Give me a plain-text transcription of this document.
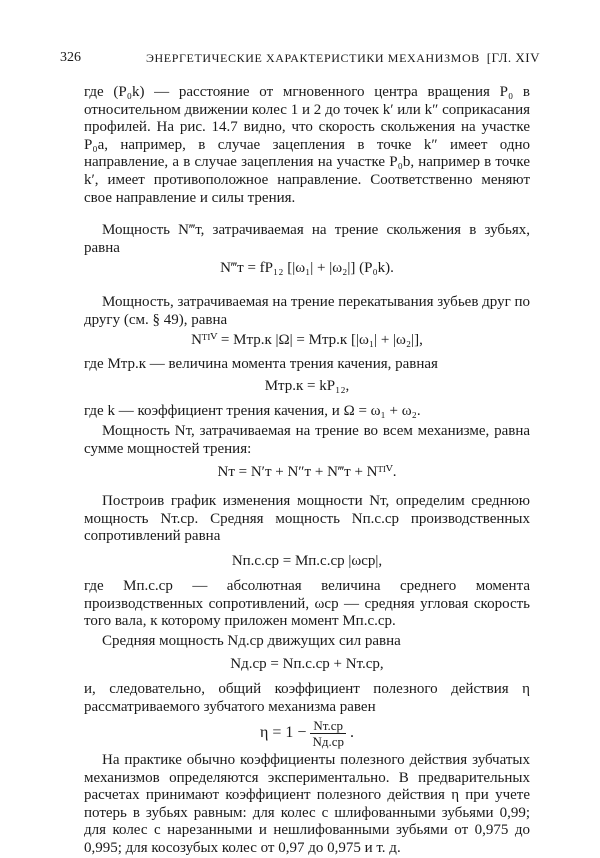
326	ЭНЕРГЕТИЧЕСКИЕ ХАРАКТЕРИСТИКИ МЕХАНИЗМОВ [ГЛ. XIV

где (P₀k) — расстояние от мгновенного центра вращения P₀ в относительном движении колес 1 и 2 до точек k′ или k″ соприкасания профилей. На рис. 14.7 видно, что скорость скольжения на участке P₀a, например, в случае зацепления в точке k″ имеет одно направление, а в случае зацепления на участке P₀b, например в точке k′, имеет противоположное направление. Соответственно меняют свое направление и силы трения.

Мощность N‴т, затрачиваемая на трение скольжения в зубьях, равна

N‴т = fP₁₂ [|ω₁| + |ω₂|] (P₀k).

Мощность, затрачиваемая на трение перекатывания зубьев друг по другу (см. § 49), равна

Nᵀᴵⱽ = Mтр.к |Ω| = Mтр.к [|ω₁| + |ω₂|],

где Mтр.к — величина момента трения качения, равная

Mтр.к = kP₁₂,

где k — коэффициент трения качения, и Ω = ω₁ + ω₂.

Мощность Nт, затрачиваемая на трение во всем механизме, равна сумме мощностей трения:

Nт = N′т + N″т + N‴т + Nᵀᴵⱽ.

Построив график изменения мощности Nт, определим среднюю мощность Nт.ср. Средняя мощность Nп.с.ср производственных сопротивлений равна

Nп.с.ср = Mп.с.ср |ωср|,

где Mп.с.ср — абсолютная величина среднего момента производственных сопротивлений, ωср — средняя угловая скорость того вала, к которому приложен момент Mп.с.ср.

Средняя мощность Nд.ср движущих сил равна

Nд.ср = Nп.с.ср + Nт.ср,

и, следовательно, общий коэффициент полезного действия η рассматриваемого зубчатого механизма равен

$\eta = 1 - \frac{Nт.ср}{Nд.ср}$ .

На практике обычно коэффициенты полезного действия зубчатых механизмов определяются экспериментально. В предварительных расчетах принимают коэффициент полезного действия η при учете потерь в зубьях равным: для колес с шлифованными зубьями 0,99; для колес с нарезанными и нешлифованными зубьями от 0,975 до 0,995; для косозубых колес от 0,97 до 0,975 и т. д.
